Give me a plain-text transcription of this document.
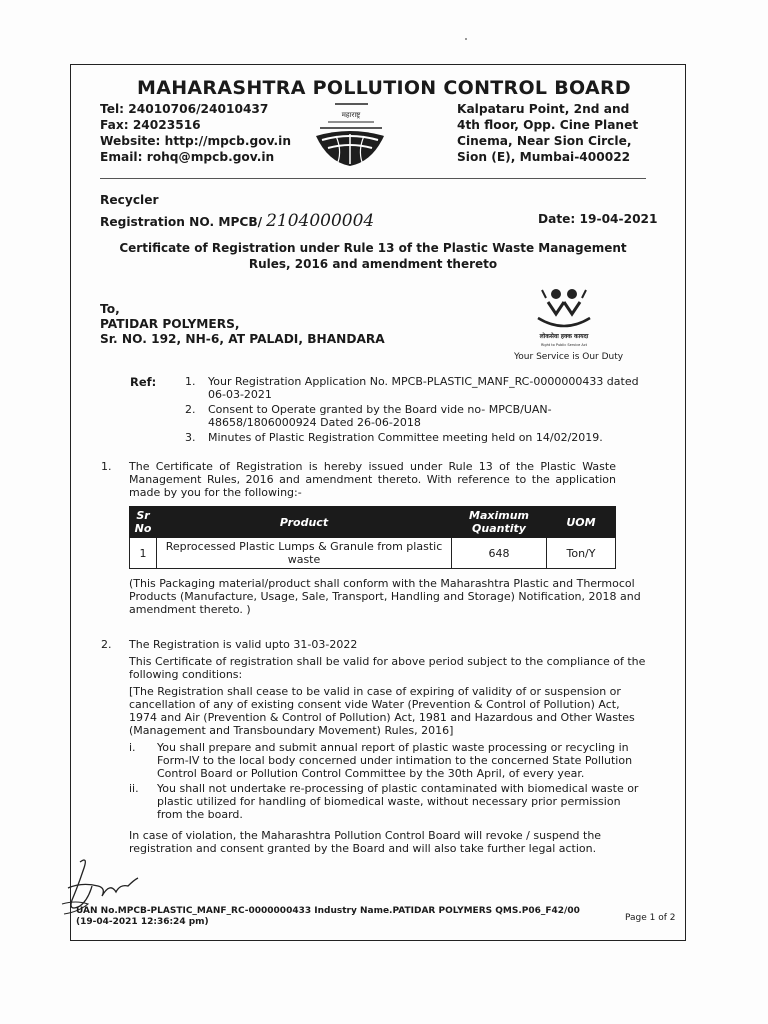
MAHARASHTRA POLLUTION CONTROL BOARD
Tel: 24010706/24010437
Fax: 24023516
Website: http://mpcb.gov.in
Email: rohq@mpcb.gov.in
महाराष्ट्र	Kalpataru Point, 2nd and
4th floor, Opp. Cine Planet
Cinema, Near Sion Circle,
Sion (E), Mumbai-400022
Recycler
Registration NO. MPCB/ 2104000004	Date: 19-04-2021
Certificate of Registration under Rule 13 of the Plastic Waste Management
Rules, 2016 and amendment thereto
To,
PATIDAR POLYMERS,
Sr. NO. 192, NH-6, AT PALADI, BHANDARA	लोकसेवा हक्क कायदा
Right to Public Service Act
Your Service is Our Duty
Ref:	1.	Your Registration Application No. MPCB-PLASTIC_MANF_RC-0000000433 dated 06-03-2021
2.	Consent to Operate granted by the Board vide no- MPCB/UAN-48658/1806000924 Dated 26-06-2018
3.	Minutes of Plastic Registration Committee meeting held on 14/02/2019.
1. The Certificate of Registration is hereby issued under Rule 13 of the Plastic Waste Management Rules, 2016 and amendment thereto. With reference to the application made by you for the following:-
Sr No	Product	Maximum Quantity	UOM
1	Reprocessed Plastic Lumps & Granule from plastic waste	648	Ton/Y
(This Packaging material/product shall conform with the Maharashtra Plastic and Thermocol Products (Manufacture, Usage, Sale, Transport, Handling and Storage) Notification, 2018 and amendment thereto. )
2. The Registration is valid upto 31-03-2022
This Certificate of registration shall be valid for above period subject to the compliance of the following conditions:
[The Registration shall cease to be valid in case of expiring of validity of or suspension or cancellation of any of existing consent vide Water (Prevention & Control of Pollution) Act, 1974 and Air (Prevention & Control of Pollution) Act, 1981 and Hazardous and Other Wastes (Management and Transboundary Movement) Rules, 2016]
i.	You shall prepare and submit annual report of plastic waste processing or recycling in Form-IV to the local body concerned under intimation to the concerned State Pollution Control Board or Pollution Control Committee by the 30th April, of every year.
ii.	You shall not undertake re-processing of plastic contaminated with biomedical waste or plastic utilized for handling of biomedical waste, without necessary prior permission from the board.
In case of violation, the Maharashtra Pollution Control Board will revoke / suspend the registration and consent granted by the Board and will also take further legal action.
UAN No.MPCB-PLASTIC_MANF_RC-0000000433 Industry Name.PATIDAR POLYMERS QMS.P06_F42/00
(19-04-2021 12:36:24 pm)	Page 1 of 2
